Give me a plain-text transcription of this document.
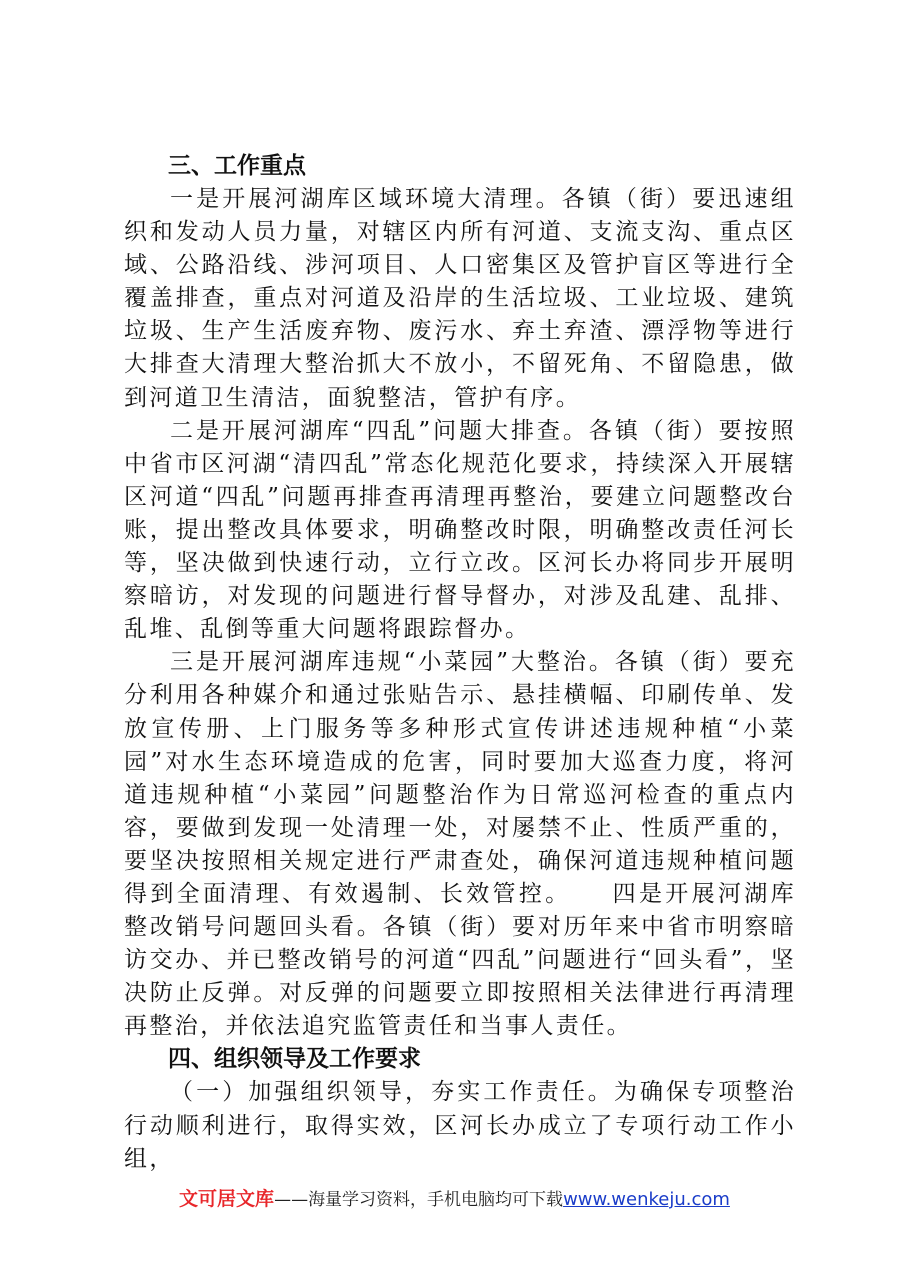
三、工作重点

一是开展河湖库区域环境大清理。各镇（街）要迅速组织和发动人员力量，对辖区内所有河道、支流支沟、重点区域、公路沿线、涉河项目、人口密集区及管护盲区等进行全覆盖排查，重点对河道及沿岸的生活垃圾、工业垃圾、建筑垃圾、生产生活废弃物、废污水、弃土弃渣、漂浮物等进行大排查大清理大整治抓大不放小，不留死角、不留隐患，做到河道卫生清洁，面貌整洁，管护有序。

二是开展河湖库“四乱”问题大排查。各镇（街）要按照中省市区河湖“清四乱”常态化规范化要求，持续深入开展辖区河道“四乱”问题再排查再清理再整治，要建立问题整改台账，提出整改具体要求，明确整改时限，明确整改责任河长等，坚决做到快速行动，立行立改。区河长办将同步开展明察暗访，对发现的问题进行督导督办，对涉及乱建、乱排、乱堆、乱倒等重大问题将跟踪督办。

三是开展河湖库违规“小菜园”大整治。各镇（街）要充分利用各种媒介和通过张贴告示、悬挂横幅、印刷传单、发放宣传册、上门服务等多种形式宣传讲述违规种植“小菜园”对水生态环境造成的危害，同时要加大巡查力度，将河道违规种植“小菜园”问题整治作为日常巡河检查的重点内容，要做到发现一处清理一处，对屡禁不止、性质严重的，要坚决按照相关规定进行严肃查处，确保河道违规种植问题得到全面清理、有效遏制、长效管控。　　四是开展河湖库整改销号问题回头看。各镇（街）要对历年来中省市明察暗访交办、并已整改销号的河道“四乱”问题进行“回头看”，坚决防止反弹。对反弹的问题要立即按照相关法律进行再清理再整治，并依法追究监管责任和当事人责任。

四、组织领导及工作要求

（一）加强组织领导，夯实工作责任。为确保专项整治行动顺利进行，取得实效，区河长办成立了专项行动工作小组，

文可居文库——海量学习资料，手机电脑均可下载www.wenkeju.com
